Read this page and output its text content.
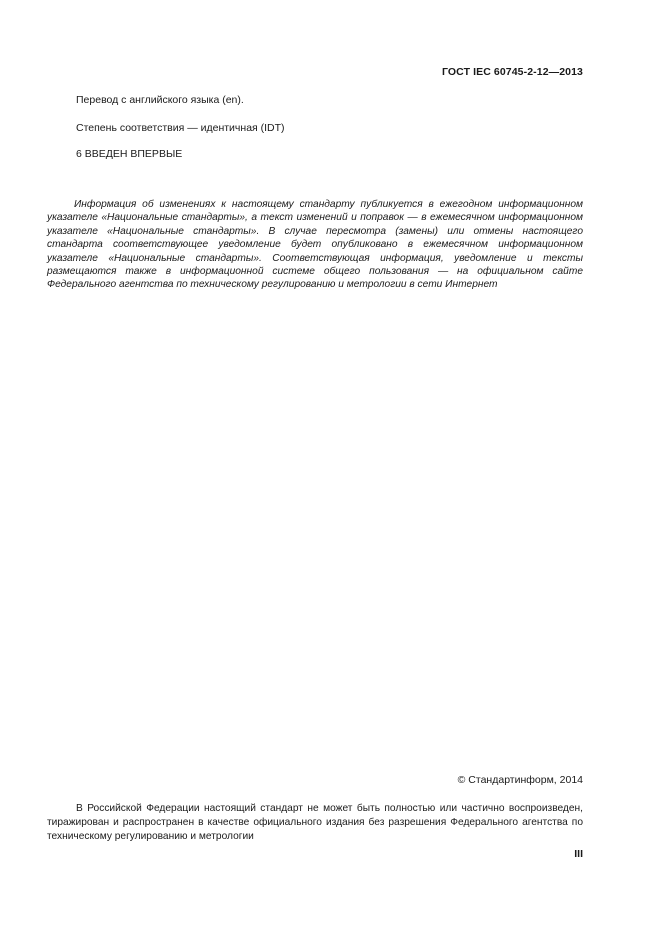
ГОСТ IEC 60745-2-12—2013
Перевод с английского языка (en).
Степень соответствия — идентичная (IDT)
6 ВВЕДЕН ВПЕРВЫЕ

Информация об изменениях к настоящему стандарту публикуется в ежегодном информационном указателе «Национальные стандарты», а текст изменений и поправок — в ежемесячном информационном указателе «Национальные стандарты». В случае пересмотра (замены) или отмены настоящего стандарта соответствующее уведомление будет опубликовано в ежемесячном информационном указателе «Национальные стандарты». Соответствующая информация, уведомление и тексты размещаются также в информационной системе общего пользования — на официальном сайте Федерального агентства по техническому регулированию и метрологии в сети Интернет

© Стандартинформ, 2014

В Российской Федерации настоящий стандарт не может быть полностью или частично воспроизведен, тиражирован и распространен в качестве официального издания без разрешения Федерального агентства по техническому регулированию и метрологии

III
